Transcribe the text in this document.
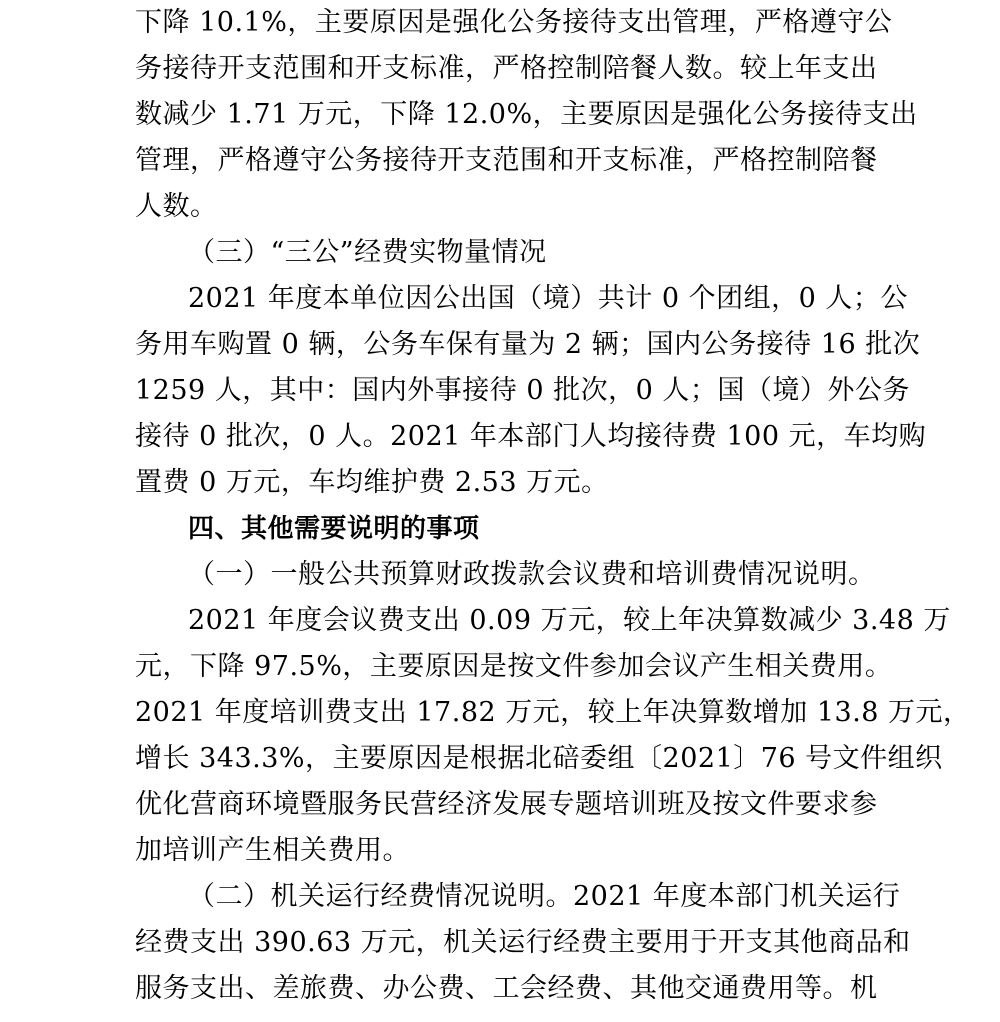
下降 10.1%，主要原因是强化公务接待支出管理，严格遵守公
务接待开支范围和开支标准，严格控制陪餐人数。较上年支出
数减少 1.71 万元，下降 12.0%，主要原因是强化公务接待支出
管理，严格遵守公务接待开支范围和开支标准，严格控制陪餐
人数。
（三）“三公”经费实物量情况
2021 年度本单位因公出国（境）共计 0 个团组，0 人；公
务用车购置 0 辆，公务车保有量为 2 辆；国内公务接待 16 批次
1259 人，其中：国内外事接待 0 批次，0 人；国（境）外公务
接待 0 批次，0 人。2021 年本部门人均接待费 100 元，车均购
置费 0 万元，车均维护费 2.53 万元。
四、其他需要说明的事项
（一）一般公共预算财政拨款会议费和培训费情况说明。
2021 年度会议费支出 0.09 万元，较上年决算数减少 3.48 万
元，下降 97.5%，主要原因是按文件参加会议产生相关费用。
2021 年度培训费支出 17.82 万元，较上年决算数增加 13.8 万元，
增长 343.3%，主要原因是根据北碚委组〔2021〕76 号文件组织
优化营商环境暨服务民营经济发展专题培训班及按文件要求参
加培训产生相关费用。
（二）机关运行经费情况说明。2021 年度本部门机关运行
经费支出 390.63 万元，机关运行经费主要用于开支其他商品和
服务支出、差旅费、办公费、工会经费、其他交通费用等。机
